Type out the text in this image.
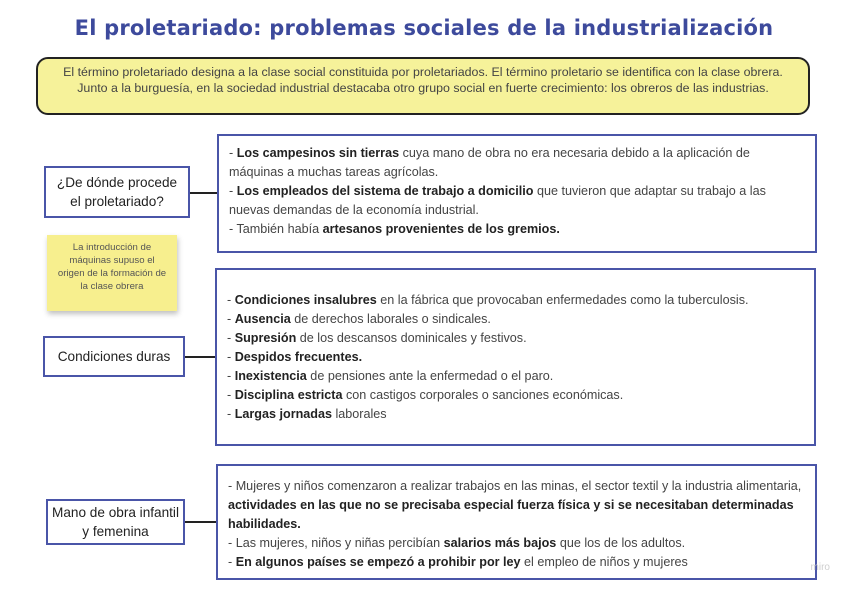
El proletariado: problemas sociales de la industrialización
El término proletariado designa a la clase social constituida por proletariados. El término proletario se identifica con la clase obrera. Junto a la burguesía, en la sociedad industrial destacaba otro grupo social en fuerte crecimiento: los obreros de las industrias.
¿De dónde procede el proletariado?
- Los campesinos sin tierras cuya mano de obra no era necesaria debido a la aplicación de máquinas a muchas tareas agrícolas.
- Los empleados del sistema de trabajo a domicilio que tuvieron que adaptar su trabajo a las nuevas demandas de la economía industrial.
- También había artesanos provenientes de los gremios.
La introducción de máquinas supuso el origen de la formación de la clase obrera
Condiciones duras
- Condiciones insalubres en la fábrica que provocaban enfermedades como la tuberculosis.
- Ausencia de derechos laborales o sindicales.
- Supresión de los descansos dominicales y festivos.
- Despidos frecuentes.
- Inexistencia de pensiones ante la enfermedad o el paro.
- Disciplina estricta con castigos corporales o sanciones económicas.
- Largas jornadas laborales
Mano de obra infantil y femenina
- Mujeres y niños comenzaron a realizar trabajos en las minas, el sector textil y la industria alimentaria, actividades en las que no se precisaba especial fuerza física y si se necesitaban determinadas habilidades.
- Las mujeres, niños y niñas percibían salarios más bajos que los de los adultos.
- En algunos países se empezó a prohibir por ley el empleo de niños y mujeres	miro
